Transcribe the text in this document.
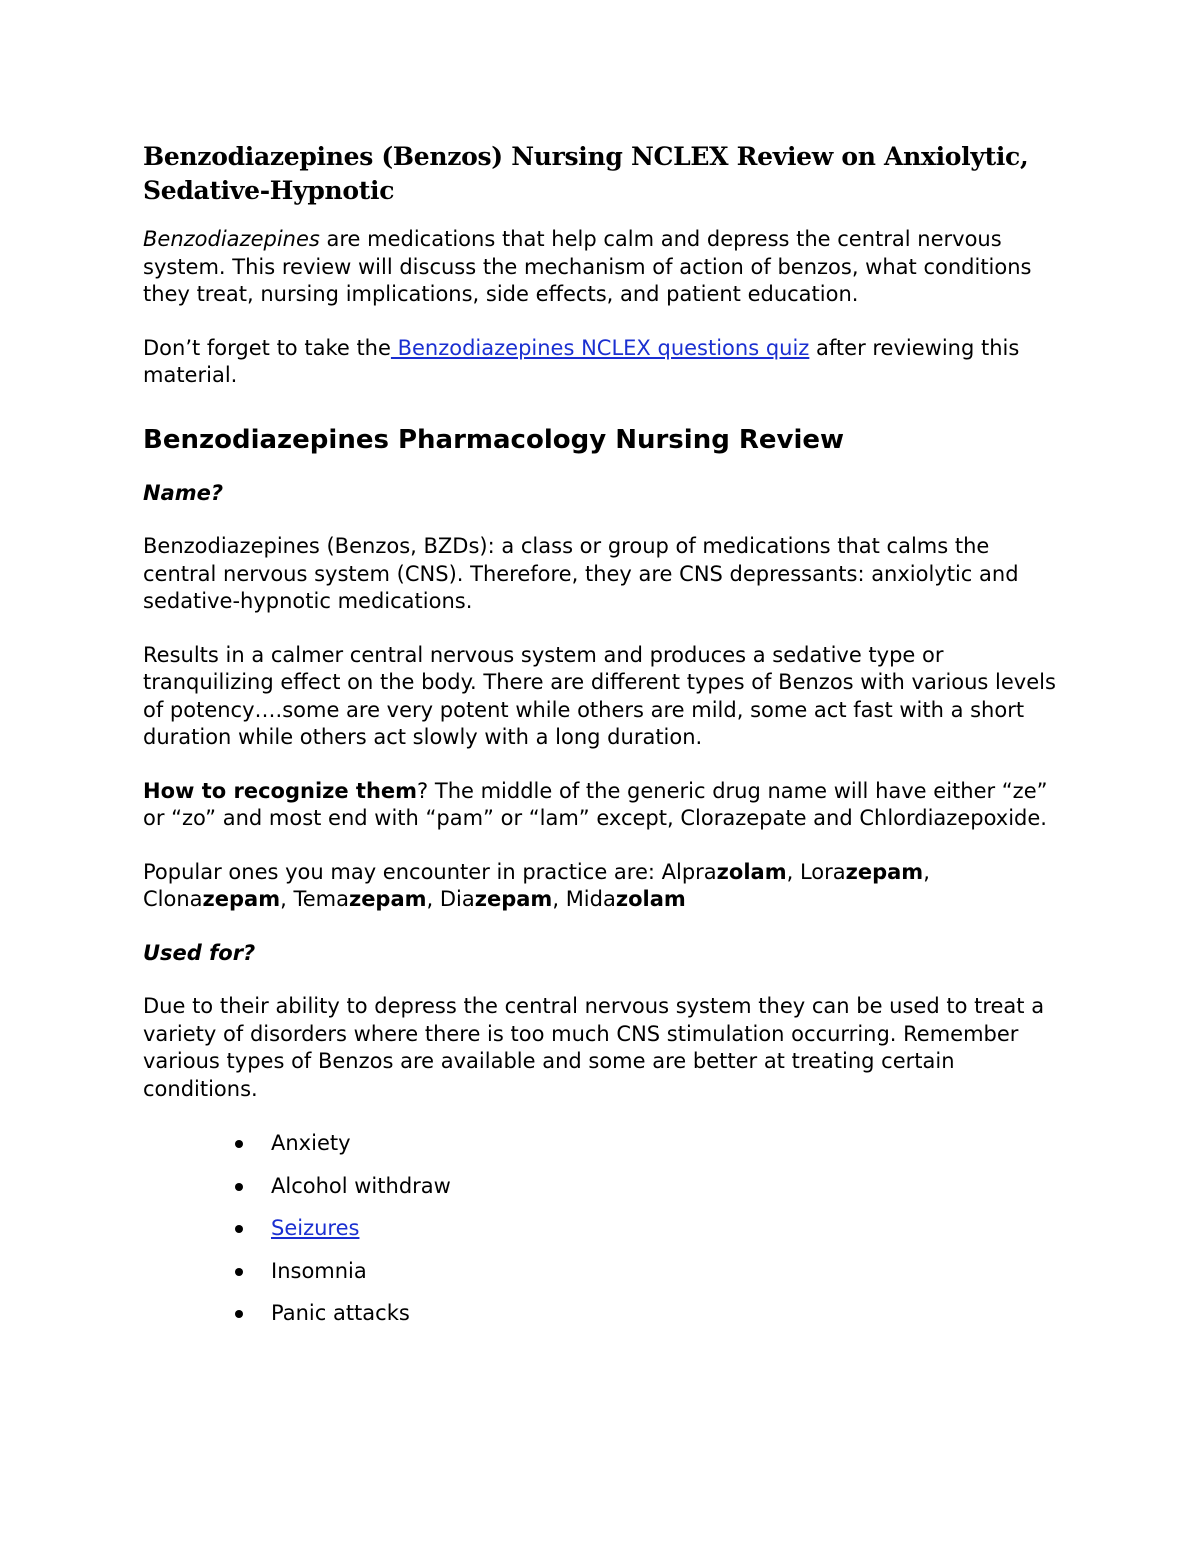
Benzodiazepines (Benzos) Nursing NCLEX Review on Anxiolytic, Sedative-Hypnotic

Benzodiazepines are medications that help calm and depress the central nervous system. This review will discuss the mechanism of action of benzos, what conditions they treat, nursing implications, side effects, and patient education.

Don’t forget to take the Benzodiazepines NCLEX questions quiz after reviewing this material.

Benzodiazepines Pharmacology Nursing Review

Name?

Benzodiazepines (Benzos, BZDs): a class or group of medications that calms the central nervous system (CNS). Therefore, they are CNS depressants: anxiolytic and sedative-hypnotic medications.

Results in a calmer central nervous system and produces a sedative type or tranquilizing effect on the body. There are different types of Benzos with various levels of potency….some are very potent while others are mild, some act fast with a short duration while others act slowly with a long duration.

How to recognize them? The middle of the generic drug name will have either “ze” or “zo” and most end with “pam” or “lam” except, Clorazepate and Chlordiazepoxide.

Popular ones you may encounter in practice are: Alprazolam, Lorazepam, Clonazepam, Temazepam, Diazepam, Midazolam

Used for?

Due to their ability to depress the central nervous system they can be used to treat a variety of disorders where there is too much CNS stimulation occurring. Remember various types of Benzos are available and some are better at treating certain conditions.

Anxiety
Alcohol withdraw
Seizures
Insomnia
Panic attacks
